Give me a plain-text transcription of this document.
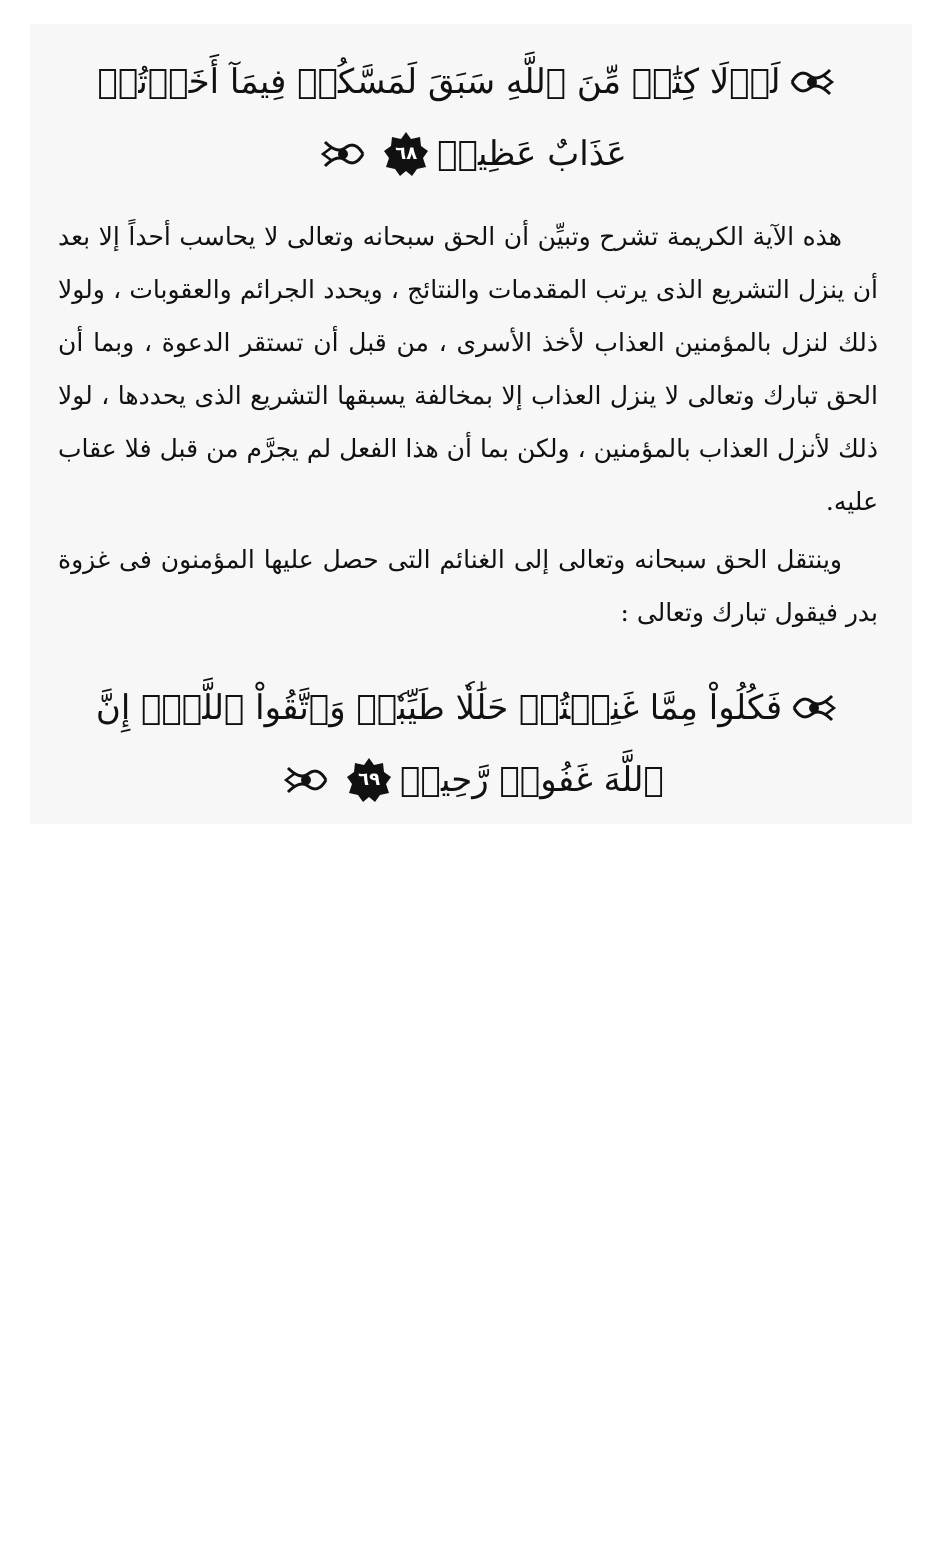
لَوۡلَا كِتَٰبٞ مِّنَ ٱللَّهِ سَبَقَ لَمَسَّكُمۡ فِيمَآ أَخَذۡتُمۡ
عَذَابٌ عَظِيمٞ
٦٨

هذه الآية الكريمة تشرح وتبيِّن أن الحق سبحانه وتعالى لا يحاسب أحداً إلا بعد أن ينزل التشريع الذى يرتب المقدمات والنتائج ، ويحدد الجرائم والعقوبات ، ولولا ذلك لنزل بالمؤمنين العذاب لأخذ الأسرى ، من قبل أن تستقر الدعوة ، وبما أن الحق تبارك وتعالى لا ينزل العذاب إلا بمخالفة يسبقها التشريع الذى يحددها ، لولا ذلك لأنزل العذاب بالمؤمنين ، ولكن بما أن هذا الفعل لم يجرَّم من قبل فلا عقاب عليه.

وينتقل الحق سبحانه وتعالى إلى الغنائم التى حصل عليها المؤمنون فى غزوة بدر فيقول تبارك وتعالى :

فَكُلُواْ مِمَّا غَنِمۡتُمۡ حَلَٰلٗا طَيِّبٗاۚ وَٱتَّقُواْ ٱللَّهَۚ إِنَّ
ٱللَّهَ غَفُورٞ رَّحِيمٞ
٦٩
